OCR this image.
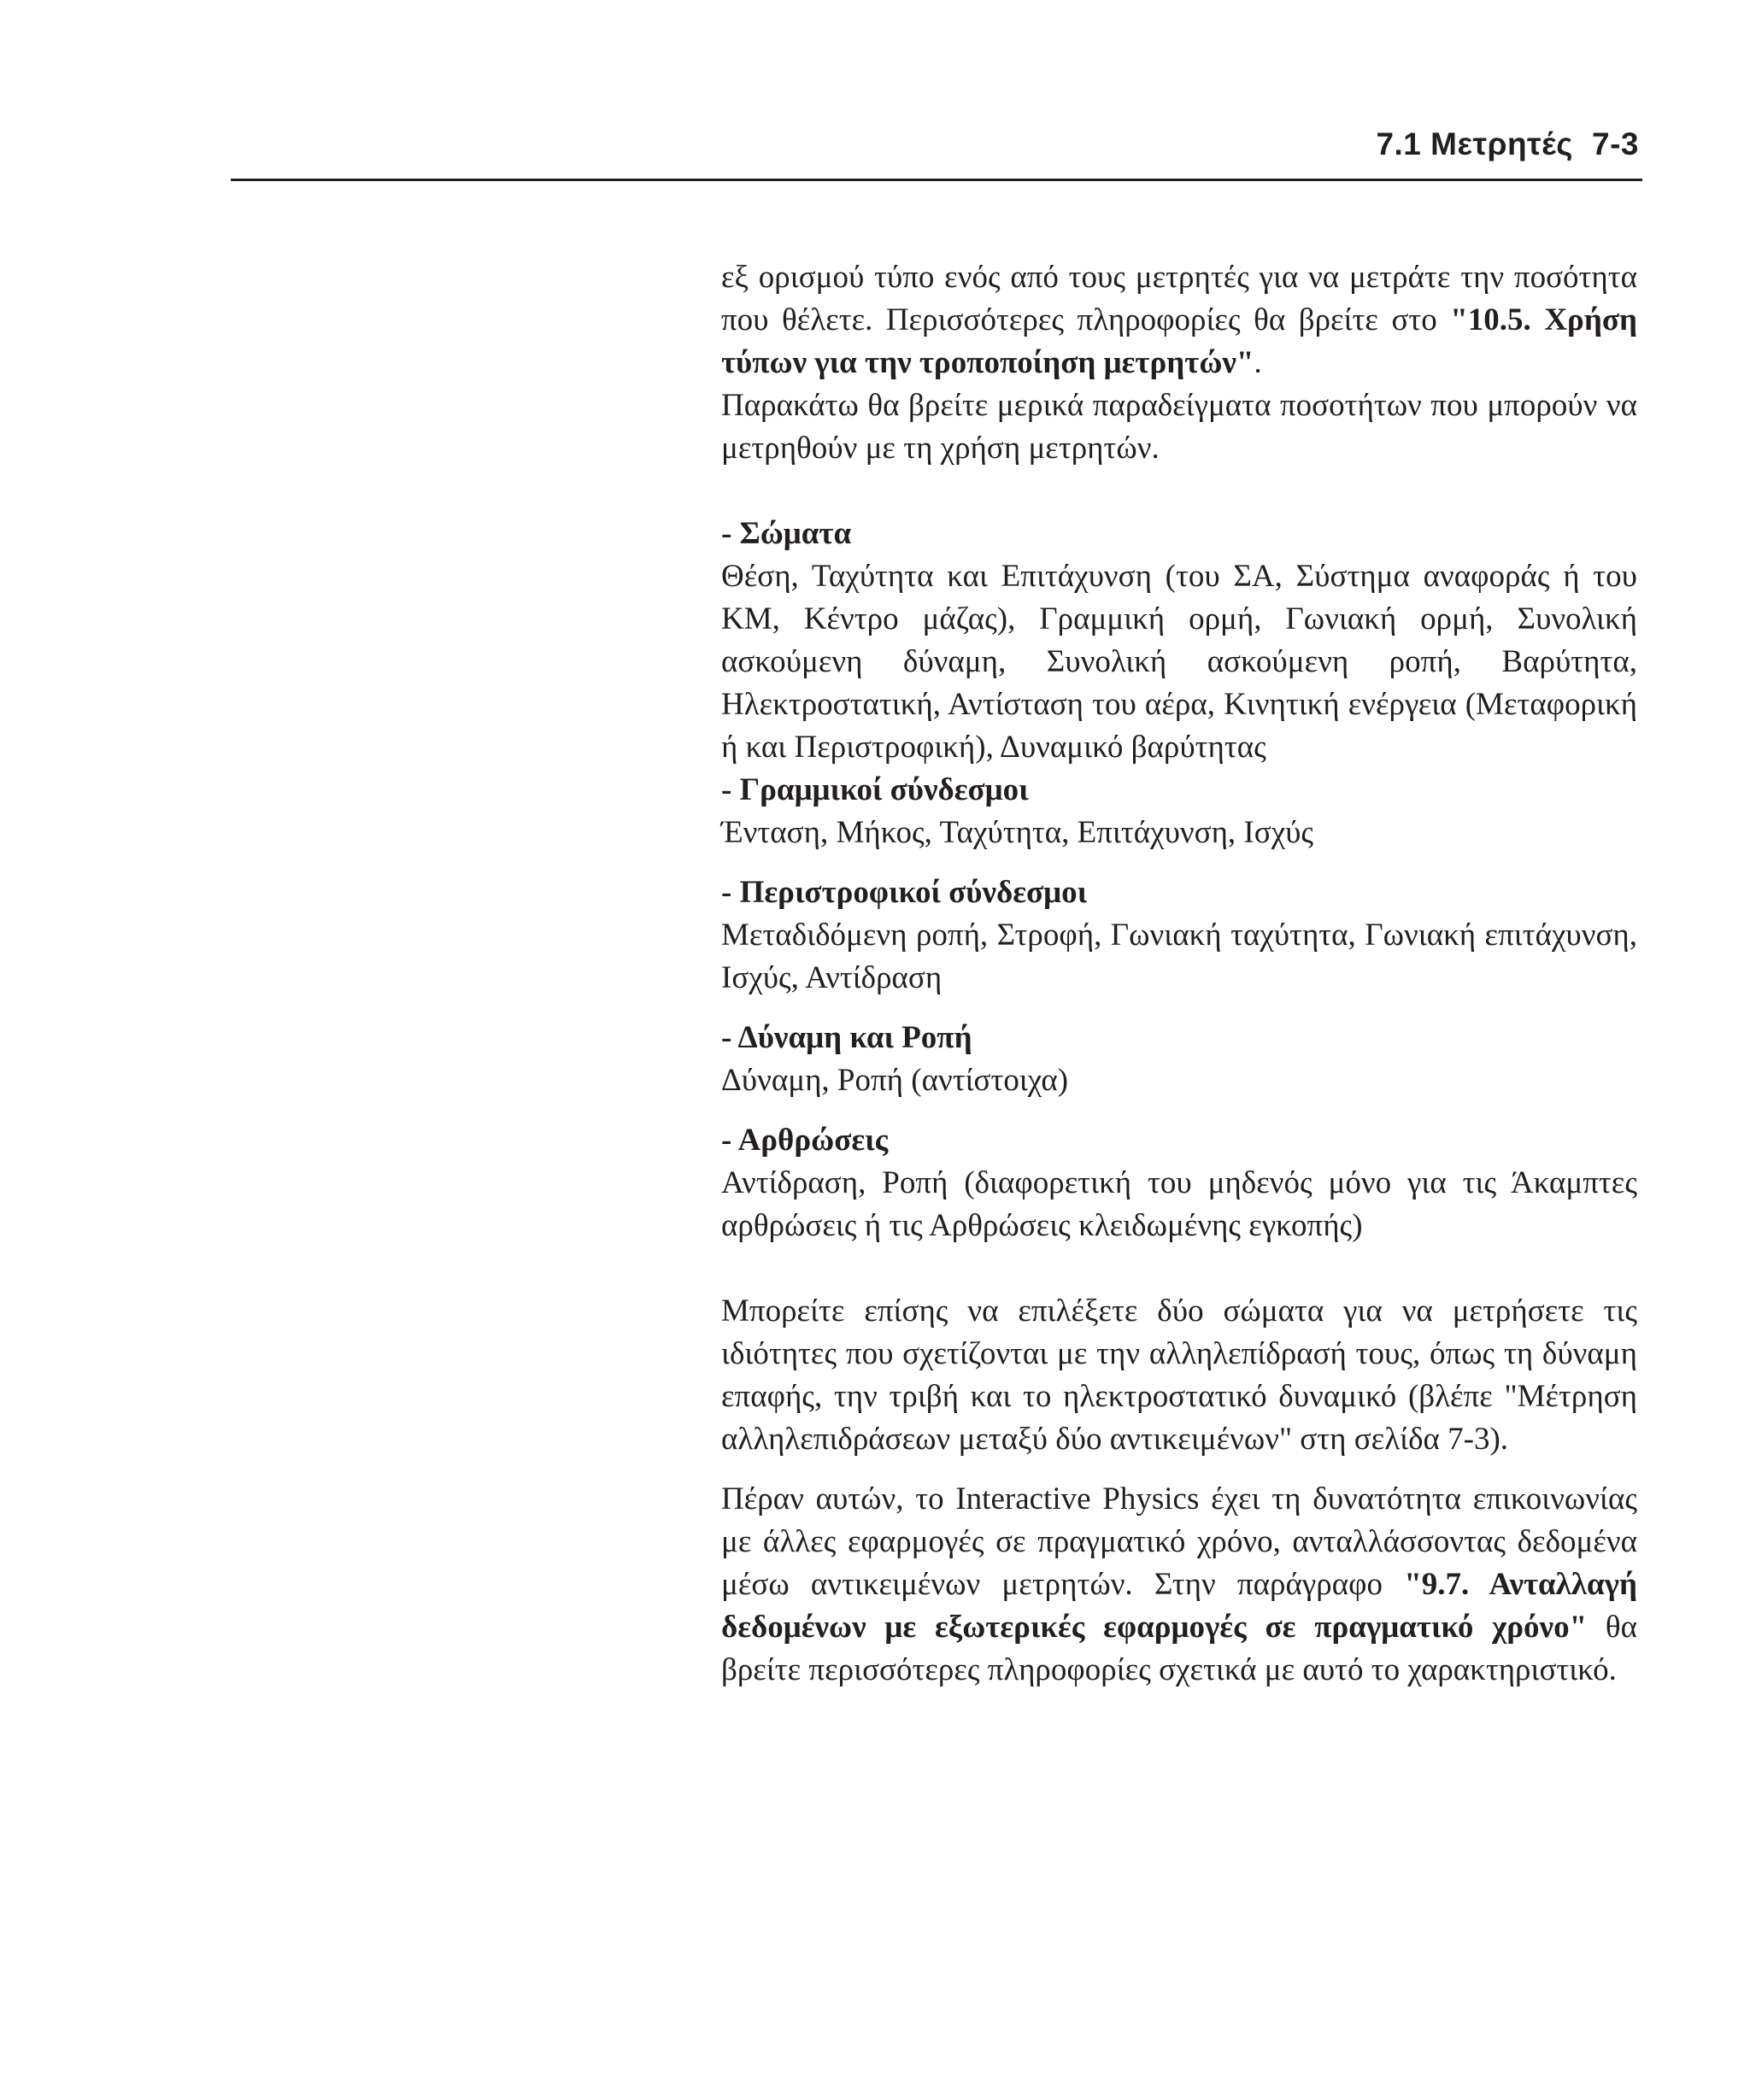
7.1 Μετρητές 7-3

εξ ορισμού τύπο ενός από τους μετρητές για να μετράτε την ποσότητα που θέλετε. Περισσότερες πληροφορίες θα βρείτε στο "10.5. Χρήση τύπων για την τροποποίηση μετρητών".

Παρακάτω θα βρείτε μερικά παραδείγματα ποσοτήτων που μπορούν να μετρηθούν με τη χρήση μετρητών.

- Σώματα

Θέση, Ταχύτητα και Επιτάχυνση (του ΣΑ, Σύστημα αναφοράς ή του ΚΜ, Κέντρο μάζας), Γραμμική ορμή, Γωνιακή ορμή, Συνολική ασκούμενη δύναμη, Συνολική ασκούμενη ροπή, Βαρύτητα, Ηλεκτροστατική, Αντίσταση του αέρα, Κινητική ενέργεια (Μεταφορική ή και Περιστροφική), Δυναμικό βαρύτητας

- Γραμμικοί σύνδεσμοι

Ένταση, Μήκος, Ταχύτητα, Επιτάχυνση, Ισχύς

- Περιστροφικοί σύνδεσμοι

Μεταδιδόμενη ροπή, Στροφή, Γωνιακή ταχύτητα, Γωνιακή επιτάχυνση, Ισχύς, Αντίδραση

- Δύναμη και Ροπή

Δύναμη, Ροπή (αντίστοιχα)

- Αρθρώσεις

Αντίδραση, Ροπή (διαφορετική του μηδενός μόνο για τις Άκαμπτες αρθρώσεις ή τις Αρθρώσεις κλειδωμένης εγκοπής)

Μπορείτε επίσης να επιλέξετε δύο σώματα για να μετρήσετε τις ιδιότητες που σχετίζονται με την αλληλεπίδρασή τους, όπως τη δύναμη επαφής, την τριβή και το ηλεκτροστατικό δυναμικό (βλέπε "Μέτρηση αλληλεπιδράσεων μεταξύ δύο αντικειμένων" στη σελίδα 7-3).

Πέραν αυτών, το Interactive Physics έχει τη δυνατότητα επικοινωνίας με άλλες εφαρμογές σε πραγματικό χρόνο, ανταλλάσσοντας δεδομένα μέσω αντικειμένων μετρητών. Στην παράγραφο "9.7. Ανταλλαγή δεδομένων με εξωτερικές εφαρμογές σε πραγματικό χρόνο" θα βρείτε περισσότερες πληροφορίες σχετικά με αυτό το χαρακτηριστικό.
